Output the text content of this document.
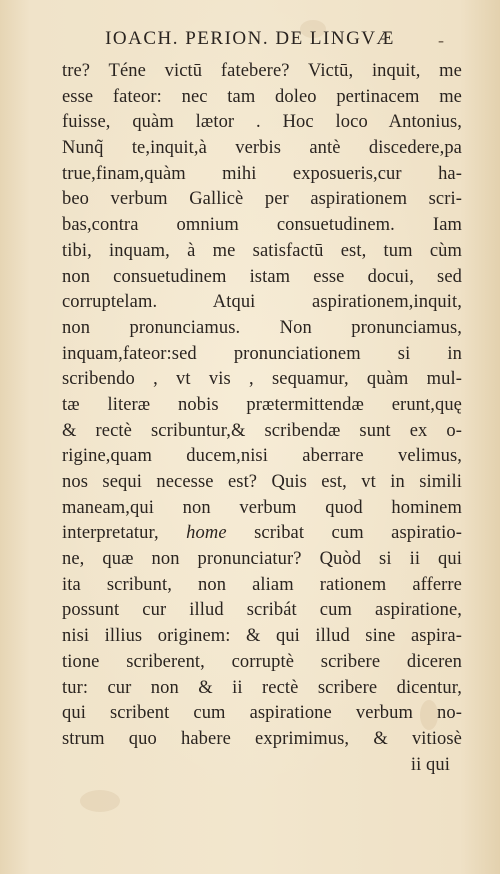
IOACH. PERION. DE LINGVÆ	-
tre? Téne victū fatebere? Victū, inquit, me
esse fateor: nec tam doleo pertinacem me
fuisse, quàm lætor . Hoc loco Antonius,
Nunq̃ te,inquit,à verbis antè discedere,pa
true,finam,quàm mihi exposueris,cur ha-
beo verbum Gallicè per aspirationem scri-
bas,contra omnium consuetudinem. Iam
tibi, inquam, à me satisfactū est, tum cùm
non consuetudinem istam esse docui, sed
corruptelam. Atqui aspirationem,inquit,
non pronunciamus. Non pronunciamus,
inquam,fateor:sed pronunciationem si in
scribendo , vt vis , sequamur, quàm mul-
tæ literæ nobis prætermittendæ erunt,quę
& rectè scribuntur,& scribendæ sunt ex o-
rigine,quam ducem,nisi aberrare velimus,
nos sequi necesse est? Quis est, vt in simili
maneam,qui non verbum quod hominem
interpretatur, home scribat cum aspiratio-
ne, quæ non pronunciatur? Quòd si ii qui
ita scribunt, non aliam rationem afferre
possunt cur illud scribát cum aspiratione,
nisi illius originem: & qui illud sine aspira-
tione scriberent, corruptè scribere diceren
tur: cur non & ii rectè scribere dicentur,
qui scribent cum aspiratione verbum no-
strum quo habere exprimimus, & vitiosè
ii qui
